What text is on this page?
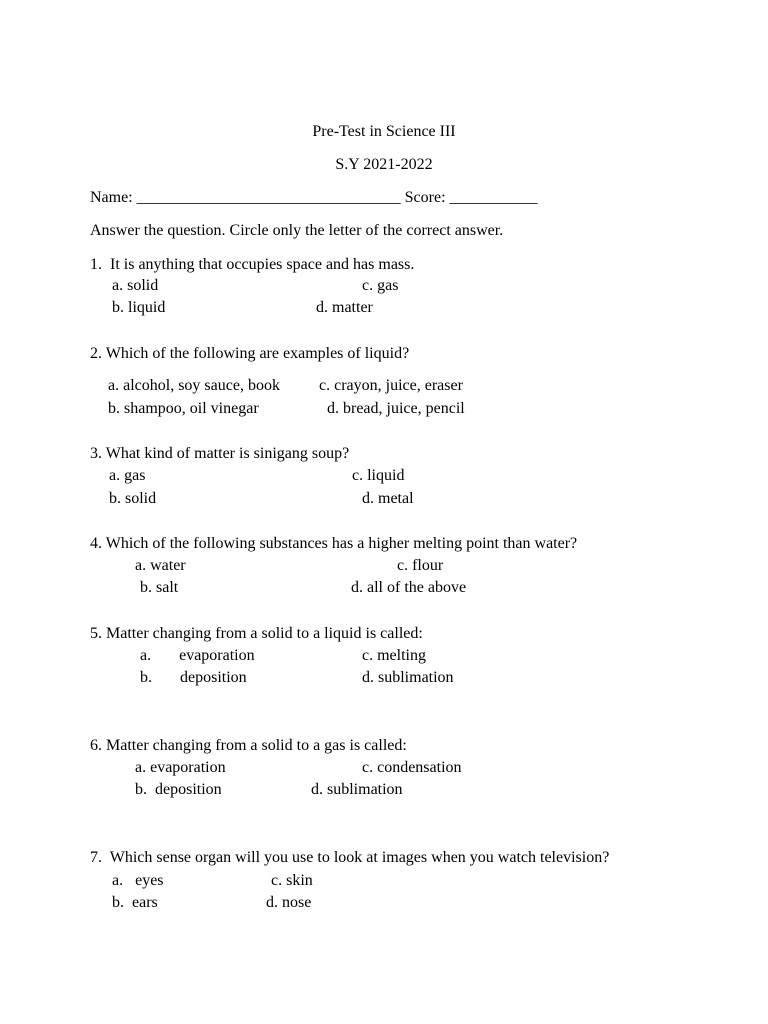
Pre-Test in Science III

S.Y 2021-2022

Name: _________________________________ Score: ___________

Answer the question. Circle only the letter of the correct answer.

1.  It is anything that occupies space and has mass.

a. solid	c. gas

b. liquid	d. matter

2. Which of the following are examples of liquid?

a. alcohol, soy sauce, book c. crayon, juice, eraser

b. shampoo, oil vinegar	d. bread, juice, pencil

3. What kind of matter is sinigang soup?

a. gas	c. liquid

b. solid	d. metal

4. Which of the following substances has a higher melting point than water?

a. water	c. flour

b. salt	d. all of the above

5. Matter changing from a solid to a liquid is called:

a.       evaporation	c. melting

b.       deposition	d. sublimation

6. Matter changing from a solid to a gas is called:

a. evaporation	c. condensation

b.  deposition	d. sublimation

7.  Which sense organ will you use to look at images when you watch television?

a.   eyes	c. skin

b.  ears	d. nose
